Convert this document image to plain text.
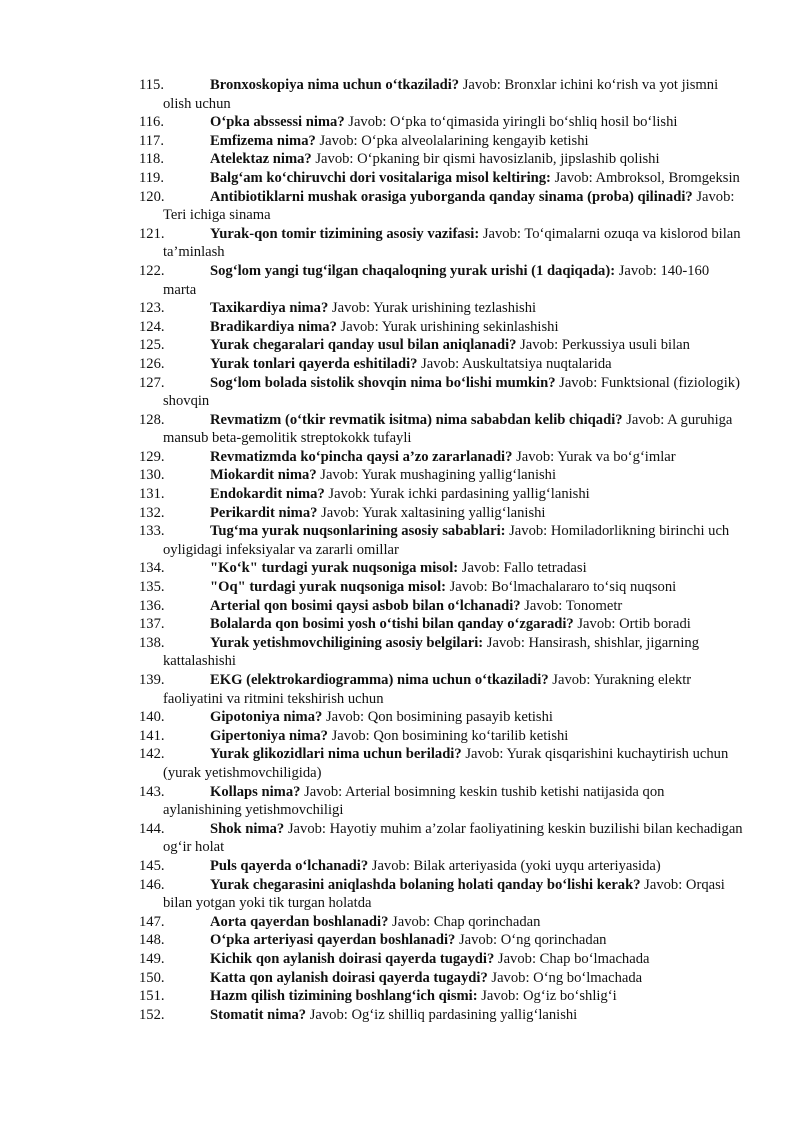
115.	Bronxoskopiya nima uchun o‘tkaziladi? Javob: Bronxlar ichini ko‘rish va yot jismni olish uchun
116.	O‘pka abssessi nima? Javob: O‘pka to‘qimasida yiringli bo‘shliq hosil bo‘lishi
117.	Emfizema nima? Javob: O‘pka alveolalarining kengayib ketishi
118.	Atelektaz nima? Javob: O‘pkaning bir qismi havosizlanib, jipslashib qolishi
119.	Balg‘am ko‘chiruvchi dori vositalariga misol keltiring: Javob: Ambroksol, Bromgeksin
120.	Antibiotiklarni mushak orasiga yuborganda qanday sinama (proba) qilinadi? Javob: Teri ichiga sinama
121.	Yurak-qon tomir tizimining asosiy vazifasi: Javob: To‘qimalarni ozuqa va kislorod bilan ta’minlash
122.	Sog‘lom yangi tug‘ilgan chaqaloqning yurak urishi (1 daqiqada): Javob: 140-160 marta
123.	Taxikardiya nima? Javob: Yurak urishining tezlashishi
124.	Bradikardiya nima? Javob: Yurak urishining sekinlashishi
125.	Yurak chegaralari qanday usul bilan aniqlanadi? Javob: Perkussiya usuli bilan
126.	Yurak tonlari qayerda eshitiladi? Javob: Auskultatsiya nuqtalarida
127.	Sog‘lom bolada sistolik shovqin nima bo‘lishi mumkin? Javob: Funktsional (fiziologik) shovqin
128.	Revmatizm (o‘tkir revmatik isitma) nima sababdan kelib chiqadi? Javob: A guruhiga mansub beta-gemolitik streptokokk tufayli
129.	Revmatizmda ko‘pincha qaysi a’zo zararlanadi? Javob: Yurak va bo‘g‘imlar
130.	Miokardit nima? Javob: Yurak mushagining yallig‘lanishi
131.	Endokardit nima? Javob: Yurak ichki pardasining yallig‘lanishi
132.	Perikardit nima? Javob: Yurak xaltasining yallig‘lanishi
133.	Tug‘ma yurak nuqsonlarining asosiy sabablari: Javob: Homiladorlikning birinchi uch oyligidagi infeksiyalar va zararli omillar
134.	"Ko‘k" turdagi yurak nuqsoniga misol: Javob: Fallo tetradasi
135.	"Oq" turdagi yurak nuqsoniga misol: Javob: Bo‘lmachalararo to‘siq nuqsoni
136.	Arterial qon bosimi qaysi asbob bilan o‘lchanadi? Javob: Tonometr
137.	Bolalarda qon bosimi yosh o‘tishi bilan qanday o‘zgaradi? Javob: Ortib boradi
138.	Yurak yetishmovchiligining asosiy belgilari: Javob: Hansirash, shishlar, jigarning kattalashishi
139.	EKG (elektrokardiogramma) nima uchun o‘tkaziladi? Javob: Yurakning elektr faoliyatini va ritmini tekshirish uchun
140.	Gipotoniya nima? Javob: Qon bosimining pasayib ketishi
141.	Gipertoniya nima? Javob: Qon bosimining ko‘tarilib ketishi
142.	Yurak glikozidlari nima uchun beriladi? Javob: Yurak qisqarishini kuchaytirish uchun (yurak yetishmovchiligida)
143.	Kollaps nima? Javob: Arterial bosimning keskin tushib ketishi natijasida qon aylanishining yetishmovchiligi
144.	Shok nima? Javob: Hayotiy muhim a’zolar faoliyatining keskin buzilishi bilan kechadigan og‘ir holat
145.	Puls qayerda o‘lchanadi? Javob: Bilak arteriyasida (yoki uyqu arteriyasida)
146.	Yurak chegarasini aniqlashda bolaning holati qanday bo‘lishi kerak? Javob: Orqasi bilan yotgan yoki tik turgan holatda
147.	Aorta qayerdan boshlanadi? Javob: Chap qorinchadan
148.	O‘pka arteriyasi qayerdan boshlanadi? Javob: O‘ng qorinchadan
149.	Kichik qon aylanish doirasi qayerda tugaydi? Javob: Chap bo‘lmachada
150.	Katta qon aylanish doirasi qayerda tugaydi? Javob: O‘ng bo‘lmachada
151.	Hazm qilish tizimining boshlang‘ich qismi: Javob: Og‘iz bo‘shlig‘i
152.	Stomatit nima? Javob: Og‘iz shilliq pardasining yallig‘lanishi
